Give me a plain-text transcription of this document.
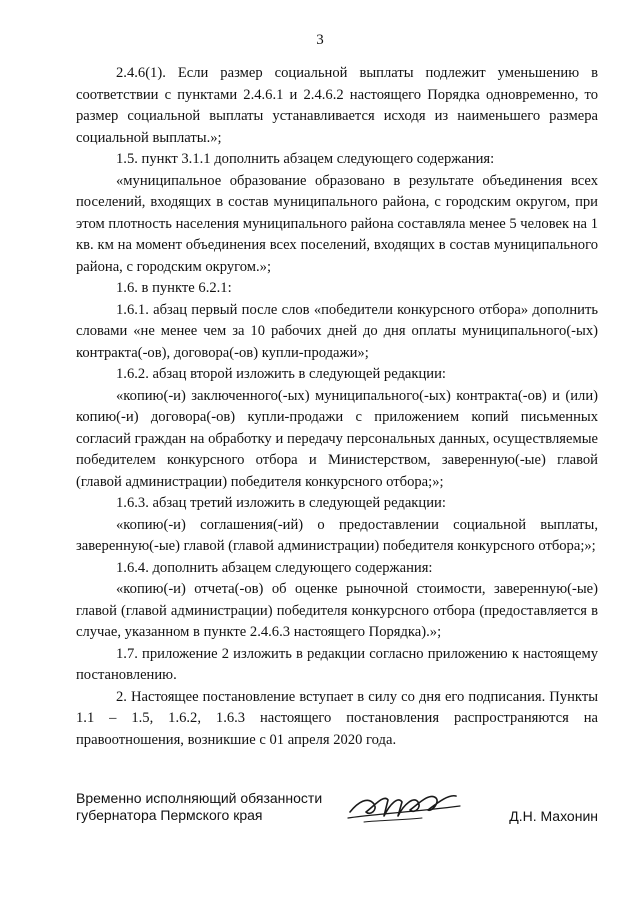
3

2.4.6(1). Если размер социальной выплаты подлежит уменьшению в соответствии с пунктами 2.4.6.1 и 2.4.6.2 настоящего Порядка одновременно, то размер социальной выплаты устанавливается исходя из наименьшего размера социальной выплаты.»;

1.5. пункт 3.1.1 дополнить абзацем следующего содержания:

«муниципальное образование образовано в результате объединения всех поселений, входящих в состав муниципального района, с городским округом, при этом плотность населения муниципального района составляла менее 5 человек на 1 кв. км на момент объединения всех поселений, входящих в состав муниципального района, с городским округом.»;

1.6. в пункте 6.2.1:

1.6.1. абзац первый после слов «победители конкурсного отбора» дополнить словами «не менее чем за 10 рабочих дней до дня оплаты муниципального(-ых) контракта(-ов), договора(-ов) купли-продажи»;

1.6.2. абзац второй изложить в следующей редакции:

«копию(-и) заключенного(-ых) муниципального(-ых) контракта(-ов) и (или) копию(-и) договора(-ов) купли-продажи с приложением копий письменных согласий граждан на обработку и передачу персональных данных, осуществляемые победителем конкурсного отбора и Министерством, заверенную(-ые) главой (главой администрации) победителя конкурсного отбора;»;

1.6.3. абзац третий изложить в следующей редакции:

«копию(-и) соглашения(-ий) о предоставлении социальной выплаты, заверенную(-ые) главой (главой администрации) победителя конкурсного отбора;»;

1.6.4. дополнить абзацем следующего содержания:

«копию(-и) отчета(-ов) об оценке рыночной стоимости, заверенную(-ые) главой (главой администрации) победителя конкурсного отбора (предоставляется в случае, указанном в пункте 2.4.6.3 настоящего Порядка).»;

1.7. приложение 2 изложить в редакции согласно приложению к настоящему постановлению.

2. Настоящее постановление вступает в силу со дня его подписания. Пункты 1.1 – 1.5, 1.6.2, 1.6.3 настоящего постановления распространяются на правоотношения, возникшие с 01 апреля 2020 года.

Временно исполняющий обязанности
губернатора Пермского края	Д.Н. Махонин
